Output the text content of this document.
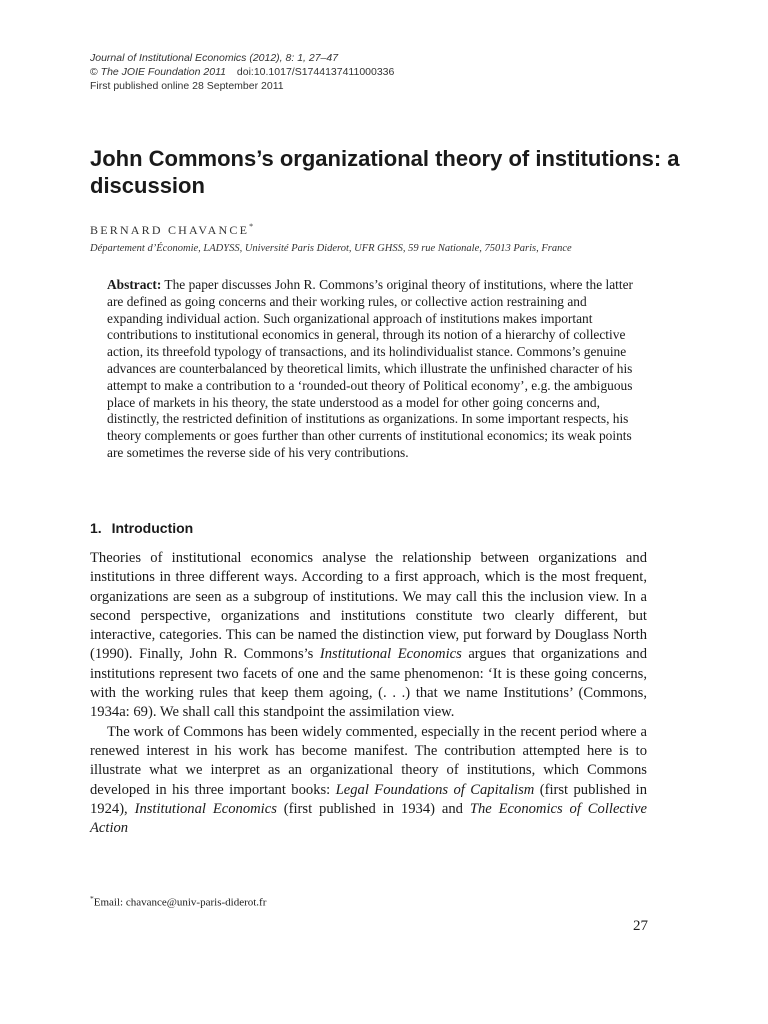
Journal of Institutional Economics (2012), 8: 1, 27–47
© The JOIE Foundation 2011 doi:10.1017/S1744137411000336
First published online 28 September 2011
John Commons’s organizational theory of institutions: a discussion
BERNARD CHAVANCE*
Département d’Économie, LADYSS, Université Paris Diderot, UFR GHSS, 59 rue Nationale, 75013 Paris, France

Abstract: The paper discusses John R. Commons’s original theory of institutions, where the latter are defined as going concerns and their working rules, or collective action restraining and expanding individual action. Such organizational approach of institutions makes important contributions to institutional economics in general, through its notion of a hierarchy of collective action, its threefold typology of transactions, and its holindividualist stance. Commons’s genuine advances are counterbalanced by theoretical limits, which illustrate the unfinished character of his attempt to make a contribution to a ‘rounded-out theory of Political economy’, e.g. the ambiguous place of markets in his theory, the state understood as a model for other going concerns and, distinctly, the restricted definition of institutions as organizations. In some important respects, his theory complements or goes further than other currents of institutional economics; its weak points are sometimes the reverse side of his very contributions.

1. Introduction

Theories of institutional economics analyse the relationship between organizations and institutions in three different ways. According to a first approach, which is the most frequent, organizations are seen as a subgroup of institutions. We may call this the inclusion view. In a second perspective, organizations and institutions constitute two clearly different, but interactive, categories. This can be named the distinction view, put forward by Douglass North (1990). Finally, John R. Commons’s Institutional Economics argues that organizations and institutions represent two facets of one and the same phenomenon: ‘It is these going concerns, with the working rules that keep them agoing, (. . .) that we name Institutions’ (Commons, 1934a: 69). We shall call this standpoint the assimilation view.

The work of Commons has been widely commented, especially in the recent period where a renewed interest in his work has become manifest. The contribution attempted here is to illustrate what we interpret as an organizational theory of institutions, which Commons developed in his three important books: Legal Foundations of Capitalism (first published in 1924), Institutional Economics (first published in 1934) and The Economics of Collective Action

*Email: chavance@univ-paris-diderot.fr
27
